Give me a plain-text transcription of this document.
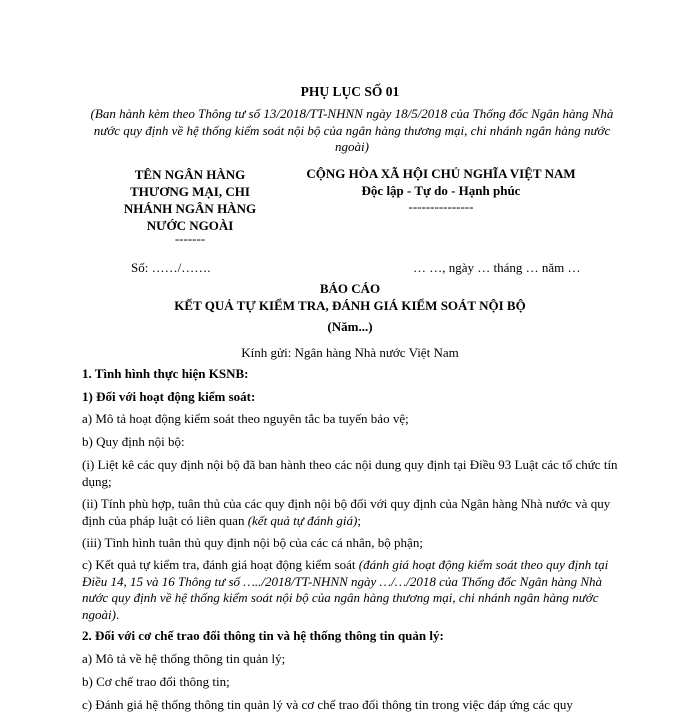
PHỤ LỤC SỐ 01
(Ban hành kèm theo Thông tư số 13/2018/TT-NHNN ngày 18/5/2018 của Thống đốc Ngân hàng Nhà nước quy định về hệ thống kiểm soát nội bộ của ngân hàng thương mại, chi nhánh ngân hàng nước ngoài)
TÊN NGÂN HÀNG
THƯƠNG MẠI, CHI
NHÁNH NGÂN HÀNG
NƯỚC NGOÀI
-------
CỘNG HÒA XÃ HỘI CHỦ NGHĨA VIỆT NAM
Độc lập - Tự do - Hạnh phúc
---------------
Số: ……/…….	… …, ngày … tháng … năm …
BÁO CÁO
KẾT QUẢ TỰ KIỂM TRA, ĐÁNH GIÁ KIỂM SOÁT NỘI BỘ
(Năm...)
Kính gửi: Ngân hàng Nhà nước Việt Nam
1. Tình hình thực hiện KSNB:
1) Đối với hoạt động kiểm soát:
a) Mô tả hoạt động kiểm soát theo nguyên tắc ba tuyến bảo vệ;
b) Quy định nội bộ:
(i) Liệt kê các quy định nội bộ đã ban hành theo các nội dung quy định tại Điều 93 Luật các tổ chức tín dụng;
(ii) Tính phù hợp, tuân thủ của các quy định nội bộ đối với quy định của Ngân hàng Nhà nước và quy định của pháp luật có liên quan (kết quả tự đánh giá);
(iii) Tình hình tuân thủ quy định nội bộ của các cá nhân, bộ phận;
c) Kết quả tự kiểm tra, đánh giá hoạt động kiểm soát (đánh giá hoạt động kiểm soát theo quy định tại Điều 14, 15 và 16 Thông tư số …../2018/TT-NHNN ngày …/…/2018 của Thống đốc Ngân hàng Nhà nước quy định về hệ thống kiểm soát nội bộ của ngân hàng thương mại, chi nhánh ngân hàng nước ngoài).
2. Đối với cơ chế trao đổi thông tin và hệ thống thông tin quản lý:
a) Mô tả về hệ thống thông tin quản lý;
b) Cơ chế trao đổi thông tin;
c) Đánh giá hệ thống thông tin quản lý và cơ chế trao đổi thông tin trong việc đáp ứng các quy
